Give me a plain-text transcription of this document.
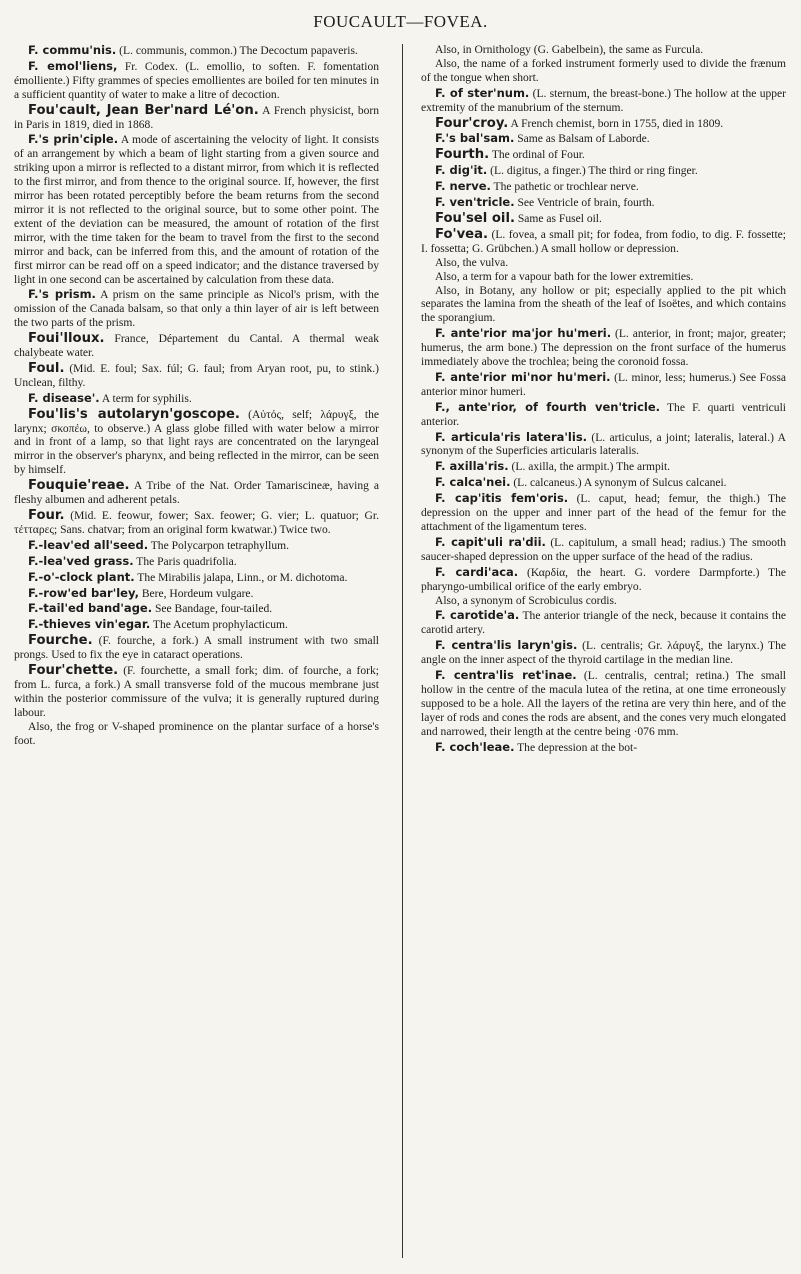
FOUCAULT—FOVEA.

F. commu'nis. (L. communis, common.) The Decoctum papaveris.

F. emol'liens, Fr. Codex. (L. emollio, to soften. F. fomentation émolliente.) Fifty grammes of species emollientes are boiled for ten minutes in a sufficient quantity of water to make a litre of decoction.

Fou'cault, Jean Ber'nard Lé'on. A French physicist, born in Paris in 1819, died in 1868.

F.'s prin'ciple. A mode of ascertaining the velocity of light. It consists of an arrangement by which a beam of light starting from a given source and striking upon a mirror is reflected to a distant mirror, from which it is reflected to the first mirror, and from thence to the original source. If, however, the first mirror has been rotated perceptibly before the beam returns from the second mirror it is not reflected to the original source, but to some other point. The extent of the deviation can be measured, the amount of rotation of the first mirror, with the time taken for the beam to travel from the first to the second mirror and back, can be inferred from this, and the amount of rotation of the first mirror can be read off on a speed indicator; and the distance traversed by light in one second can be ascertained by calculation from these data.

F.'s prism. A prism on the same principle as Nicol's prism, with the omission of the Canada balsam, so that only a thin layer of air is left between the two parts of the prism.

Foui'lloux. France, Département du Cantal. A thermal weak chalybeate water.

Foul. (Mid. E. foul; Sax. fúl; G. faul; from Aryan root, pu, to stink.) Unclean, filthy.

F. disease'. A term for syphilis.

Fou'lis's autolaryn'goscope. (Αὐτός, self; λάρυγξ, the larynx; σκοπέω, to observe.) A glass globe filled with water below a mirror and in front of a lamp, so that light rays are concentrated on the laryngeal mirror in the observer's pharynx, and being reflected in the mirror, can be seen by himself.

Fouquie'reae. A Tribe of the Nat. Order Tamariscineæ, having a fleshy albumen and adherent petals.

Four. (Mid. E. feowur, fower; Sax. feower; G. vier; L. quatuor; Gr. τέτταρες; Sans. chatvar; from an original form kwatwar.) Twice two.

F.-leav'ed all'seed. The Polycarpon tetraphyllum.

F.-lea'ved grass. The Paris quadrifolia.

F.-o'-clock plant. The Mirabilis jalapa, Linn., or M. dichotoma.

F.-row'ed bar'ley, Bere, Hordeum vulgare.

F.-tail'ed band'age. See Bandage, four-tailed.

F.-thieves vin'egar. The Acetum prophylacticum.

Fourche. (F. fourche, a fork.) A small instrument with two small prongs. Used to fix the eye in cataract operations.

Four'chette. (F. fourchette, a small fork; dim. of fourche, a fork; from L. furca, a fork.) A small transverse fold of the mucous membrane just within the posterior commissure of the vulva; it is generally ruptured during labour.

Also, the frog or V-shaped prominence on the plantar surface of a horse's foot.

Also, in Ornithology (G. Gabelbein), the same as Furcula.

Also, the name of a forked instrument formerly used to divide the frænum of the tongue when short.

F. of ster'num. (L. sternum, the breast-bone.) The hollow at the upper extremity of the manubrium of the sternum.

Four'croy. A French chemist, born in 1755, died in 1809.

F.'s bal'sam. Same as Balsam of Laborde.

Fourth. The ordinal of Four.

F. dig'it. (L. digitus, a finger.) The third or ring finger.

F. nerve. The pathetic or trochlear nerve.

F. ven'tricle. See Ventricle of brain, fourth.

Fou'sel oil. Same as Fusel oil.

Fo'vea. (L. fovea, a small pit; for fodea, from fodio, to dig. F. fossette; I. fossetta; G. Grübchen.) A small hollow or depression.

Also, the vulva.

Also, a term for a vapour bath for the lower extremities.

Also, in Botany, any hollow or pit; especially applied to the pit which separates the lamina from the sheath of the leaf of Isoëtes, and which contains the sporangium.

F. ante'rior ma'jor hu'meri. (L. anterior, in front; major, greater; humerus, the arm bone.) The depression on the front surface of the humerus immediately above the trochlea; being the coronoid fossa.

F. ante'rior mi'nor hu'meri. (L. minor, less; humerus.) See Fossa anterior minor humeri.

F., ante'rior, of fourth ven'tricle. The F. quarti ventriculi anterior.

F. articula'ris latera'lis. (L. articulus, a joint; lateralis, lateral.) A synonym of the Superficies articularis lateralis.

F. axilla'ris. (L. axilla, the armpit.) The armpit.

F. calca'nei. (L. calcaneus.) A synonym of Sulcus calcanei.

F. cap'itis fem'oris. (L. caput, head; femur, the thigh.) The depression on the upper and inner part of the head of the femur for the attachment of the ligamentum teres.

F. capit'uli ra'dii. (L. capitulum, a small head; radius.) The smooth saucer-shaped depression on the upper surface of the head of the radius.

F. cardi'aca. (Καρδία, the heart. G. vordere Darmpforte.) The pharyngo-umbilical orifice of the early embryo.

Also, a synonym of Scrobiculus cordis.

F. carotide'a. The anterior triangle of the neck, because it contains the carotid artery.

F. centra'lis laryn'gis. (L. centralis; Gr. λάρυγξ, the larynx.) The angle on the inner aspect of the thyroid cartilage in the median line.

F. centra'lis ret'inae. (L. centralis, central; retina.) The small hollow in the centre of the macula lutea of the retina, at one time erroneously supposed to be a hole. All the layers of the retina are very thin here, and of the layer of rods and cones the rods are absent, and the cones very much elongated and narrowed, their length at the centre being ·076 mm.

F. coch'leae. The depression at the bot-
